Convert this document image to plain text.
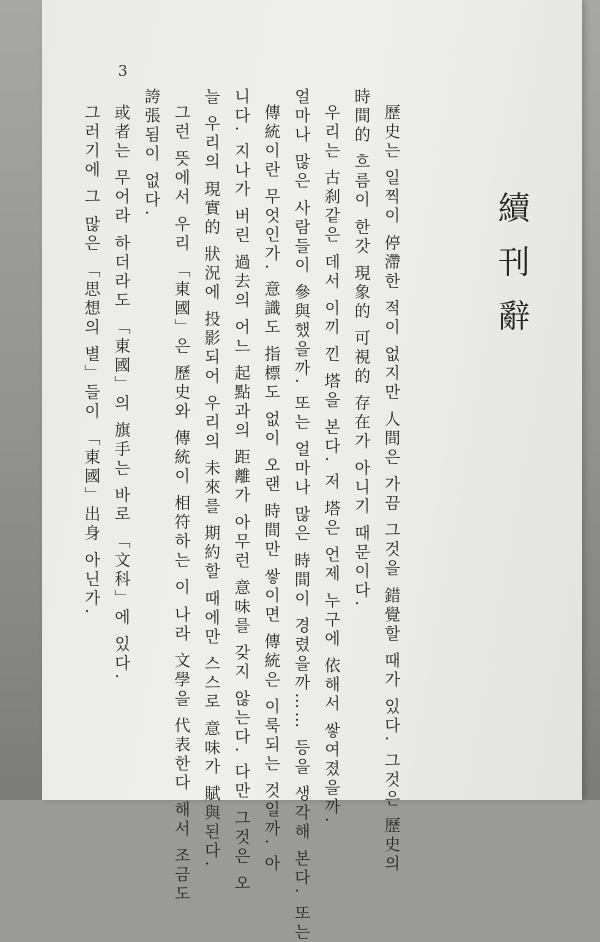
3
續
刊
辭
歷史는 일찍이 停滯한 적이 없지만 人間은 가끔 그것을 錯覺할 때가 있다. 그것은 歷史의
時間的 흐름이 한갓 現象的 可視的 存在가 아니기 때문이다.
우리는 古刹같은 데서 이끼 낀 塔을 본다. 저 塔은 언제 누구에 依해서 쌓여졌을까.
얼마나 많은 사람들이 參與했을까. 또는 얼마나 많은 時間이 경렸을까…… 등을 생각해 본다. 또는
傳統이란 무엇인가. 意識도 指標도 없이 오랜 時間만 쌓이면 傳統은 이룩되는 것일까. 아
니다. 지나가 버린 過去의 어느 起點과의 距離가 아무런 意味를 갖지 않는다. 다만 그것은 오
늘 우리의 現實的 狀況에 投影되어 우리의 未來를 期約할 때에만 스스로 意味가 賦與된다.
그런 뜻에서 우리 「東國」은 歷史와 傳統이 相符하는 이 나라 文學을 代表한다 해서 조금도
誇張됨이 없다.
或者는 무어라 하더라도 「東國」의 旗手는 바로 「文科」에 있다.
그러기에 그 많은 「思想의 별」들이 「東國」出身 아닌가.
